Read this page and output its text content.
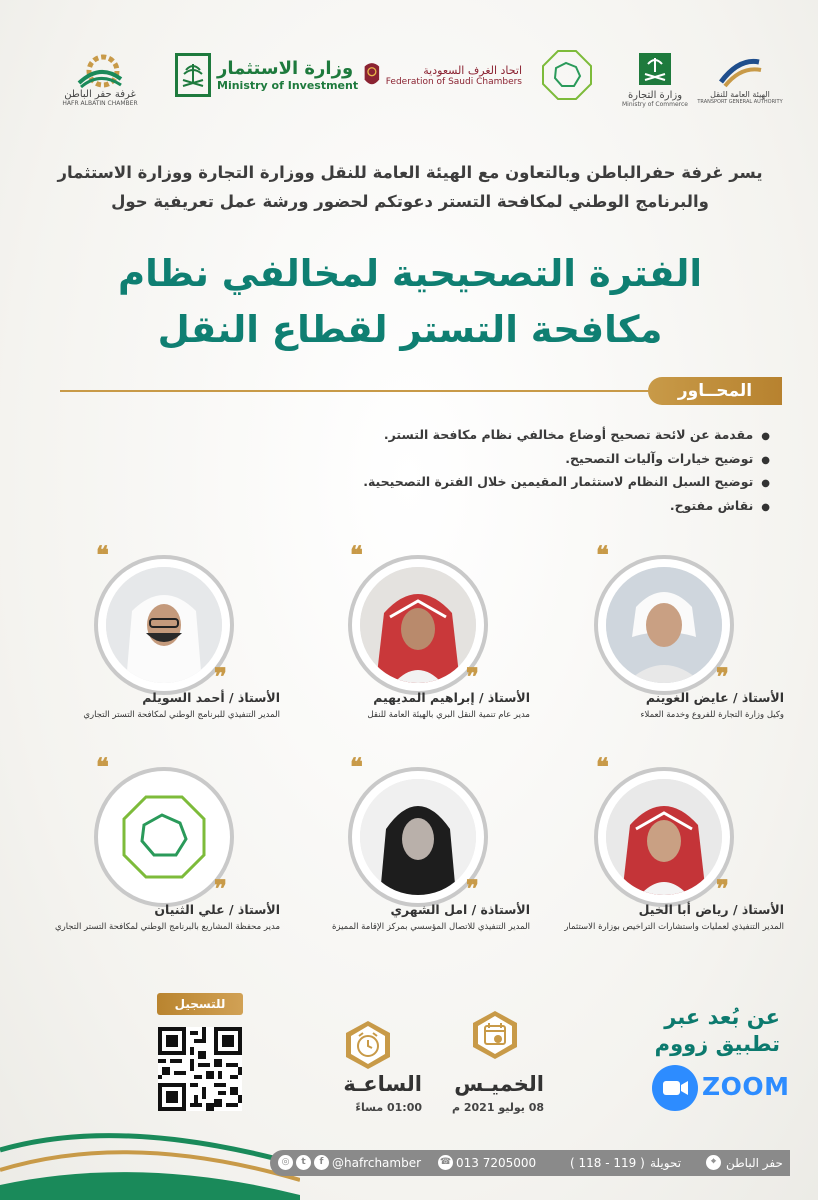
غرفة حفر الباطن
HAFR ALBATIN CHAMBER
وزارة الاستثمار
Ministry of Investment
اتحاد الغرف السعودية
Federation of Saudi Chambers
وزارة التجارة
Ministry of Commerce
الهيئة العامة للنقل
TRANSPORT GENERAL AUTHORITY
يسر غرفة حفرالباطن وبالتعاون مع الهيئة العامة للنقل ووزارة التجارة ووزارة الاستثمار
والبرنامج الوطني لمكافحة التستر دعوتكم لحضور ورشة عمل تعريفية حول
الفترة التصحيحية لمخالفي نظام
مكافحة التستر لقطاع النقل
المحــاور
● مقدمة عن لائحة تصحيح أوضاع مخالفي نظام مكافحة التستر.
● توضيح خيارات وآليات التصحيح.
● توضيح السبل النظام لاستثمار المقيمين خلال الفترة التصحيحية.
● نقاش مفتوح.
❝
❞
الأستاذ / عايض الغوينم
وكيل وزارة التجارة للفروع وخدمة العملاء
❝
❞
الأستاذ / إبراهيم المديهيم
مدير عام تنمية النقل البري بالهيئة العامة للنقل
❝
❞
الأستاذ / أحمد السويلم
المدير التنفيذي للبرنامج الوطني لمكافحة التستر التجاري
❝
❞
الأستاذ / رياض أبا الخيل
المدير التنفيذي لعمليات واستشارات التراخيص بوزارة الاستثمار
❝
❞
الأستاذة / امل الشهري
المدير التنفيذي للاتصال المؤسسي بمركز الإقامة المميزة
❝
❞
الأستاذ / علي الثنيان
مدير محفظة المشاريع بالبرنامج الوطني لمكافحة التستر التجاري
للتسجيل
الساعـة
01:00 مساءً
الخميـس
08 يوليو 2021 م
عن بُعد عبر
تطبيق زووم
ZOOM
◎	t	f @hafrchamber ☎ 013 7205000	( 119 - 118 ) تحويلة	⌖ حفر الباطن
